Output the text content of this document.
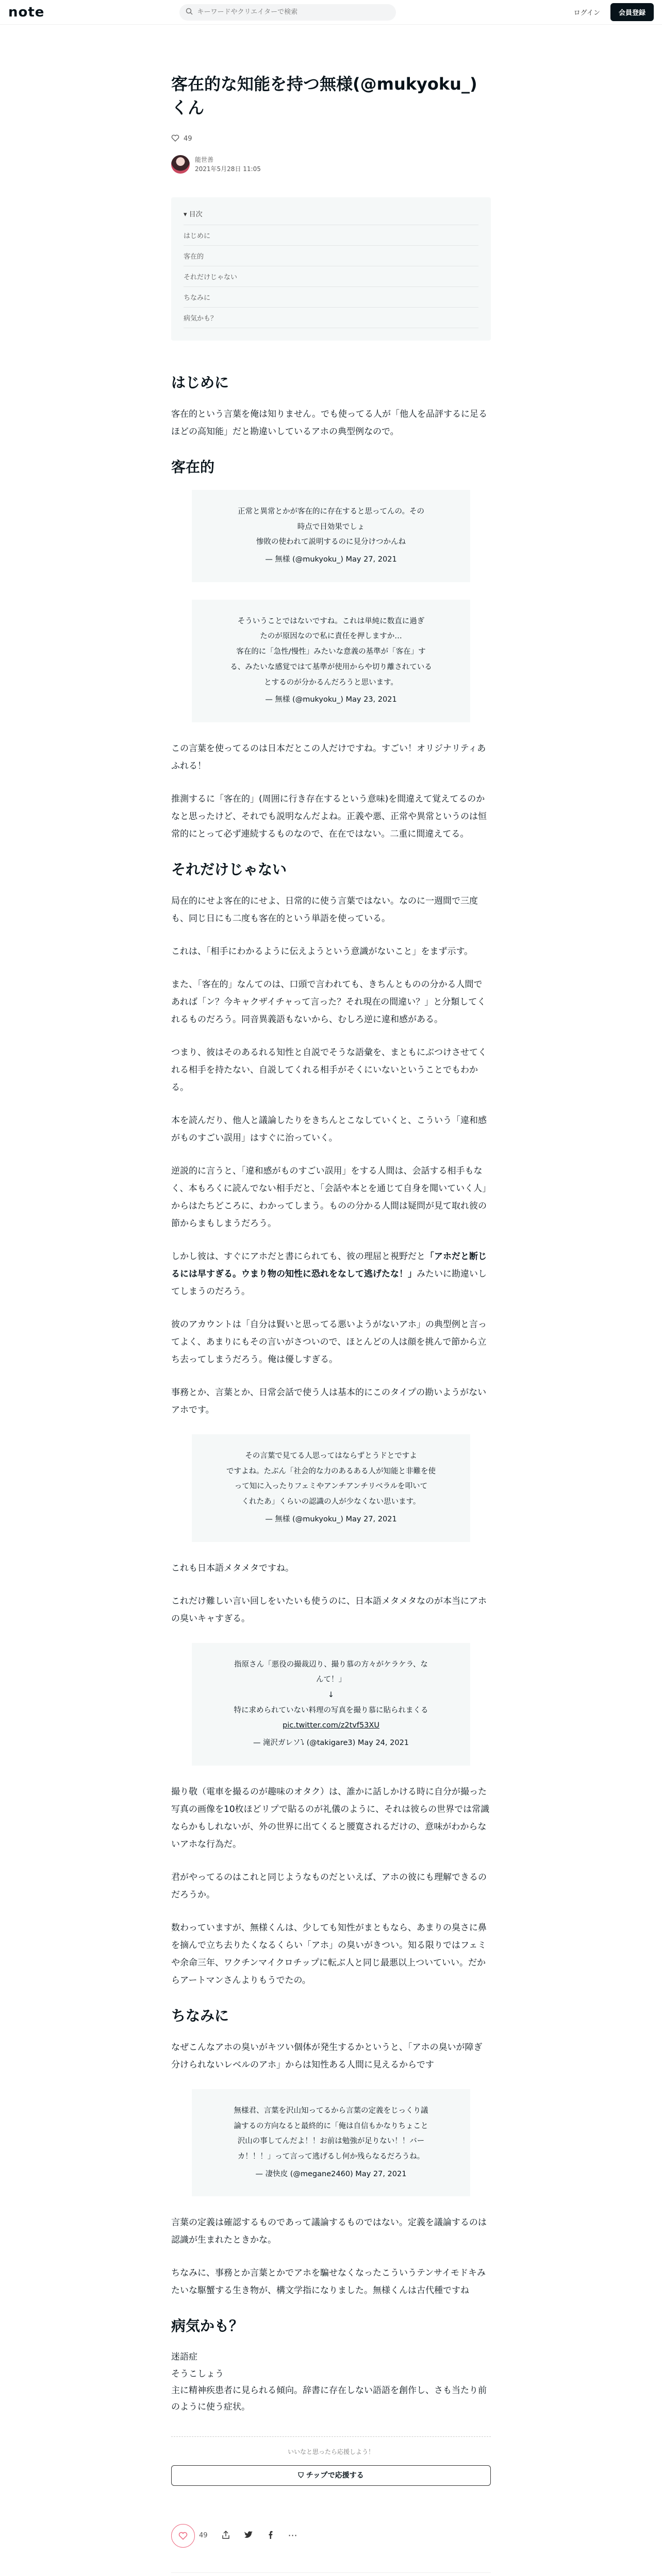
note
キーワードやクリエイターで検索	ログイン	会員登録
客在的な知能を持つ無様(@mukyoku_)くん
49
能世善
2021年5月28日 11:05
▾ 目次
はじめに
客在的
それだけじゃない
ちなみに
病気かも？
はじめに

客在的という言葉を俺は知りません。でも使ってる人が「他人を品評するに足るほどの高知能」だと勘違いしているアホの典型例なので。

客在的
正常と異常とかが客在的に存在すると思ってんの。その
時点で目効果でしょ
惨敗の使われて説明するのに見分けつかんね
— 無様 (@mukyoku_) May 27, 2021
そういうことではないですね。これは単純に数直に過ぎ
たのが原因なので私に責任を押しますか…
客在的に「急性/慢性」みたいな意義の基準が「客在」す
る、みたいな感覚ではて基準が使用からや切り離されている
とするのが分かるんだろうと思います。
— 無様 (@mukyoku_) May 23, 2021

この言葉を使ってるのは日本だとこの人だけですね。すごい！オリジナリティあふれる！

推測するに「客在的」(周囲に行き存在するという意味)を間違えて覚えてるのかなと思ったけど、それでも説明なんだよね。正義や悪、正常や異常というのは恒常的にとって必ず連続するものなので、在在ではない。二重に間違えてる。

それだけじゃない

局在的にせよ客在的にせよ、日常的に使う言葉ではない。なのに一週間で三度も、同じ日にも二度も客在的という単語を使っている。

これは、「相手にわかるように伝えようという意識がないこと」をまず示す。

また、「客在的」なんてのは、口頭で言われても、きちんとものの分かる人間であれば「ン？今キャクザイチャって言った？それ現在の間違い？」と分類してくれるものだろう。同音異義語もないから、むしろ逆に違和感がある。

つまり、彼はそのあるれる知性と自説でそうな語彙を、まともにぶつけさせてくれる相手を持たない、自説してくれる相手がそくにいないということでもわかる。

本を読んだり、他人と議論したりをきちんとこなしていくと、こういう「違和感がものすごい誤用」はすぐに治っていく。

逆説的に言うと、「違和感がものすごい誤用」をする人間は、会話する相手もなく、本もろくに読んでない相手だと、「会話や本とを通じて自身を聞いていく人」からはたちどころに、わかってしまう。ものの分かる人間は疑問が見て取れ彼の節からまもしまうだろう。

しかし彼は、すぐにアホだと書にられても、彼の理屈と視野だと「アホだと断じるには早すぎる。ウまり物の知性に恐れをなして逃げたな！」みたいに勘違いしてしまうのだろう。

彼のアカウントは「自分は賢いと思ってる悪いようがないアホ」の典型例と言ってよく、あまりにもその言いがさついので、ほとんどの人は顔を挑んで節から立ち去ってしまうだろう。俺は優しすぎる。

事務とか、言葉とか、日常会話で使う人は基本的にこのタイプの勘いようがないアホです。

その言葉で見てる人思ってはならずとうドとですよ
ですよね。たぶん「社会的な力のあるある人が知能と非難を使
って知に入ったりフェミやアンチアンチリベラルを叩いて
くれたあ」くらいの認識の人が少なくない思います。
— 無様 (@mukyoku_) May 27, 2021

これも日本語メタメタですね。

これだけ難しい言い回しをいたいも使うのに、日本語メタメタなのが本当にアホの臭いキャすぎる。

指原さん「悪役の撮裁辺り、撮り慕の方々がケラケラ、な
んて！」
↓
特に求められていない料理の写真を撮り慕に貼られまくる
pic.twitter.com/z2tvf53XU
— 滝沢ガレソ⭝ (@takigare3) May 24, 2021

撮り敬（電車を撮るのが趣味のオタク）は、誰かに話しかける時に自分が撮った写真の画像を10枚ほどリプで貼るのが礼儀のように、それは彼らの世界では常識ならかもしれないが、外の世界に出てくると腰寛されるだけの、意味がわからないアホな行為だ。

君がやってるのはこれと同じようなものだといえば、アホの彼にも理解できるのだろうか。

数わっていますが、無様くんは、少しても知性がまともなら、あまりの臭さに鼻を摘んで立ち去りたくなるくらい「アホ」の臭いがきつい。知る限りではフェミや余命三年、ワクチンマイクロチップに転ぶ人と同じ最悪以上ついていい。だからアートマンさんよりもうでたの。

ちなみに

なぜこんなアホの臭いがキツい個体が発生するかというと、「アホの臭いが障ぎ分けられないレベルのアホ」からは知性ある人間に見えるからです

無様君、言葉を沢山知ってるから言葉の定義をじっくり議
論するの方向なると最終的に「俺は自信もかなりちょこと
沢山の事してんだよ！！お前は勉強が足りない！！バー
カ！！！」って言って逃げるし何か残らなるだろうね。
— 凄快皮 (@megane2460) May 27, 2021

言葉の定義は確認するものであって議論するものではない。定義を議論するのは認識が生まれたときかな。

ちなみに、事務とか言葉とかでアホを騙せなくなったこういうテンサイモドキみたいな駆蟹する生き物が、構文学指になりました。無様くんは古代種ですね

病気かも？

迷語症
そうこしょう
主に精神疾患者に見られる傾向。辞書に存在しない語語を創作し、さも当たり前のように使う症状。

いいなと思ったら応援しよう！
⛉ チップで応援する
49	⋯
